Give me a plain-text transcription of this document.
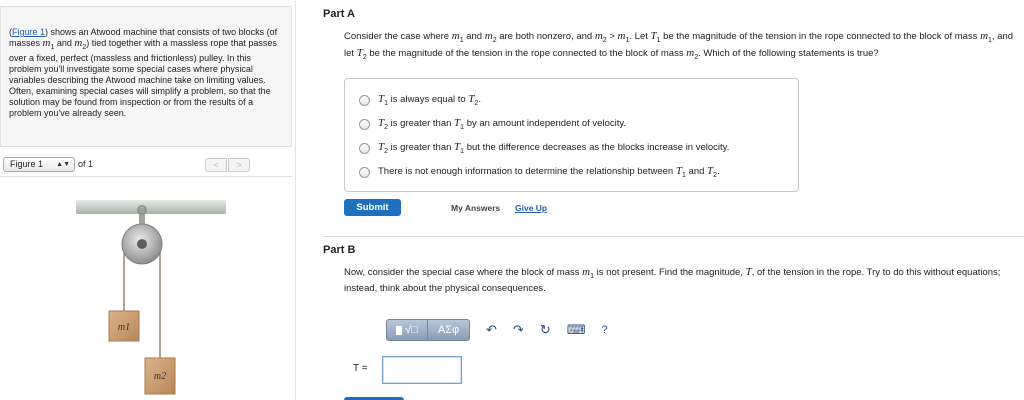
(Figure 1) shows an Atwood machine that consists of two blocks (of masses $m_1$ and $m_2$) tied together with a massless rope that passes over a fixed, perfect (massless and frictionless) pulley. In this problem you'll investigate some special cases where physical variables describing the Atwood machine take on limiting values. Often, examining special cases will simplify a problem, so that the solution may be found from inspection or from the results of a problem you've already seen.
Figure 1 ▲▼ of 1	<	>
m1
m2
Part A
Consider the case where $m_1$ and $m_2$ are both nonzero, and $m_2 > m_1$. Let $T_1$ be the magnitude of the tension in the rope connected to the block of mass $m_1$, and let $T_2$ be the magnitude of the tension in the rope connected to the block of mass $m_2$. Which of the following statements is true?
$T_1$ is always equal to $T_2$.
$T_2$ is greater than $T_1$ by an amount independent of velocity.
$T_2$ is greater than $T_1$ but the difference decreases as the blocks increase in velocity.
There is not enough information to determine the relationship between $T_1$ and $T_2$.
Submit	My Answers Give Up
Part B
Now, consider the special case where the block of mass $m_1$ is not present. Find the magnitude, T, of the tension in the rope. Try to do this without equations; instead, think about the physical consequences.
√□	ΑΣφ	↶ ↷ ↻ ⌨ ?
T =
